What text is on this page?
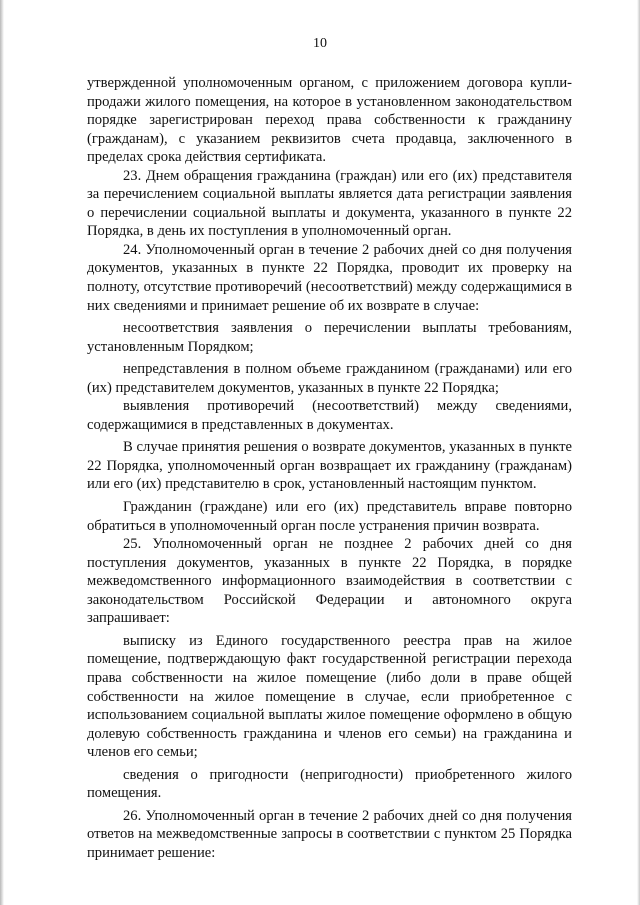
10

утвержденной уполномоченным органом, с приложением договора купли-продажи жилого помещения, на которое в установленном законодательством порядке зарегистрирован переход права собственности к гражданину (гражданам), с указанием реквизитов счета продавца, заключенного в пределах срока действия сертификата.

23. Днем обращения гражданина (граждан) или его (их) представителя за перечислением социальной выплаты является дата регистрации заявления о перечислении социальной выплаты и документа, указанного в пункте 22 Порядка, в день их поступления в уполномоченный орган.

24. Уполномоченный орган в течение 2 рабочих дней со дня получения документов, указанных в пункте 22 Порядка, проводит их проверку на полноту, отсутствие противоречий (несоответствий) между содержащимися в них сведениями и принимает решение об их возврате в случае:

несоответствия заявления о перечислении выплаты требованиям, установленным Порядком;

непредставления в полном объеме гражданином (гражданами) или его (их) представителем документов, указанных в пункте 22 Порядка;

выявления противоречий (несоответствий) между сведениями, содержащимися в представленных в документах.

В случае принятия решения о возврате документов, указанных в пункте 22 Порядка, уполномоченный орган возвращает их гражданину (гражданам) или его (их) представителю в срок, установленный настоящим пунктом.

Гражданин (граждане) или его (их) представитель вправе повторно обратиться в уполномоченный орган после устранения причин возврата.

25. Уполномоченный орган не позднее 2 рабочих дней со дня поступления документов, указанных в пункте 22 Порядка, в порядке межведомственного информационного взаимодействия в соответствии с законодательством Российской Федерации и автономного округа запрашивает:

выписку из Единого государственного реестра прав на жилое помещение, подтверждающую факт государственной регистрации перехода права собственности на жилое помещение (либо доли в праве общей собственности на жилое помещение в случае, если приобретенное с использованием социальной выплаты жилое помещение оформлено в общую долевую собственность гражданина и членов его семьи) на гражданина и членов его семьи;

сведения о пригодности (непригодности) приобретенного жилого помещения.

26. Уполномоченный орган в течение 2 рабочих дней со дня получения ответов на межведомственные запросы в соответствии с пунктом 25 Порядка принимает решение:
